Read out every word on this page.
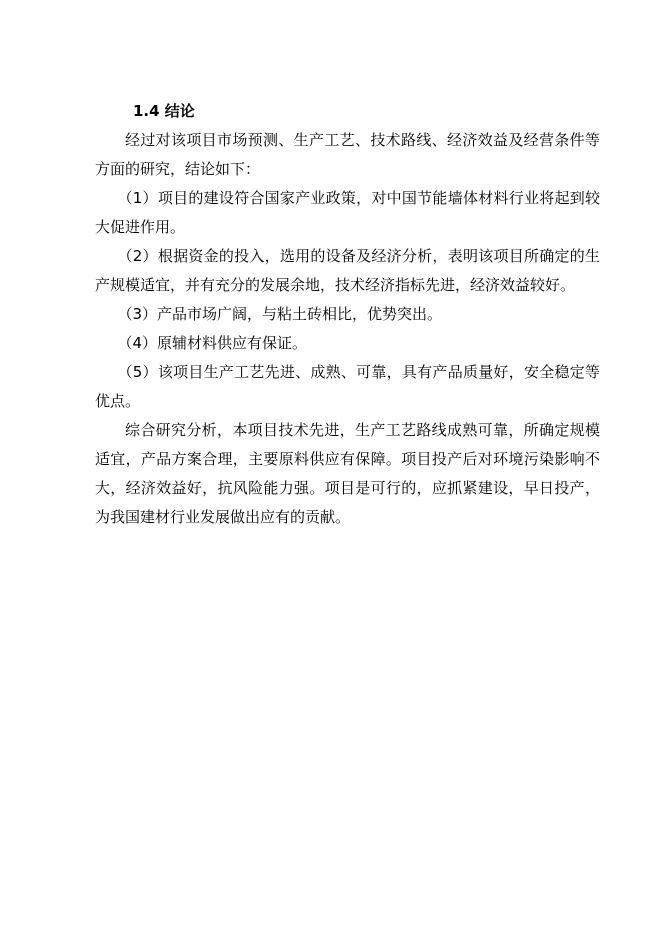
1.4 结论

经过对该项目市场预测、生产工艺、技术路线、经济效益及经营条件等方面的研究，结论如下：

（1）项目的建设符合国家产业政策，对中国节能墙体材料行业将起到较大促进作用。

（2）根据资金的投入，选用的设备及经济分析，表明该项目所确定的生产规模适宜，并有充分的发展余地，技术经济指标先进，经济效益较好。

（3）产品市场广阔，与粘土砖相比，优势突出。

（4）原辅材料供应有保证。

（5）该项目生产工艺先进、成熟、可靠，具有产品质量好，安全稳定等优点。

综合研究分析，本项目技术先进，生产工艺路线成熟可靠，所确定规模适宜，产品方案合理，主要原料供应有保障。项目投产后对环境污染影响不大，经济效益好，抗风险能力强。项目是可行的，应抓紧建设，早日投产，为我国建材行业发展做出应有的贡献。
